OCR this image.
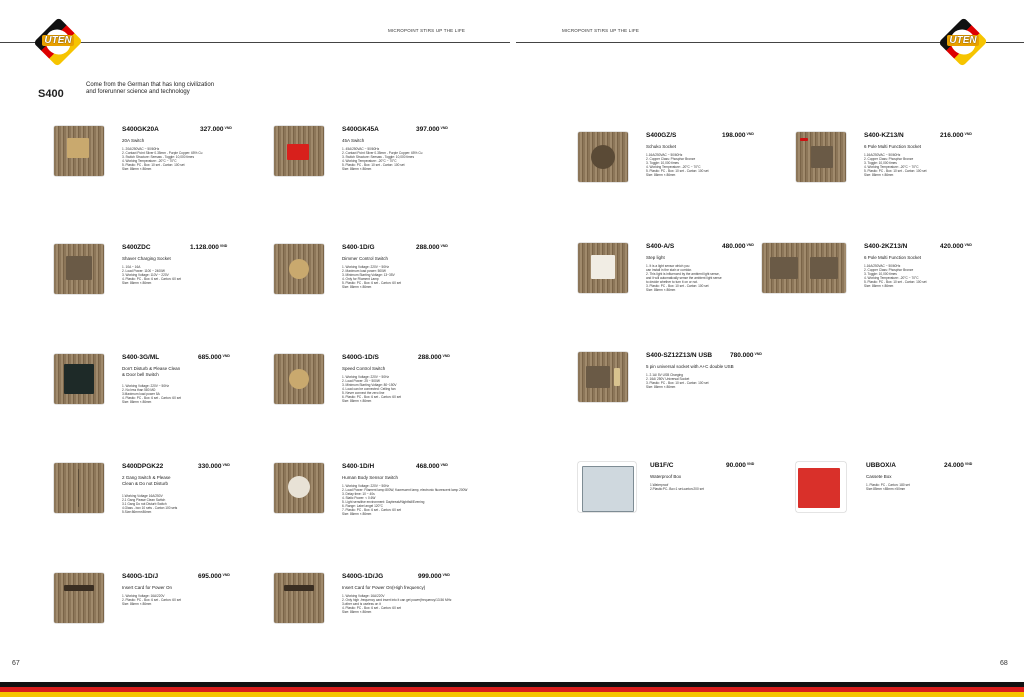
MICROPOINT STIRS UP THE LIFE	MICROPOINT STIRS UP THE LIFE
UTEN	UTEN
S400
Come from the German that has long civilization
and forerunner science and technology
S400GK20A	$327.000^{VND}$
20A Switch
1. 20A/250VAC ~ 50/60Hz
2. Contact Point Silver 0.35mm - Purple Copper: 65% Cu
3. Switch Structure: Seesaw - Toggle: 10,000 times
4. Working Temperature: -20°C ~ 70°C
5. Plastic: PC - Box: 10 set - Carton: 100 set
Size: 86mm × 86mm
S400GK45A	$397.000^{VND}$
45A Switch
1. 45A/250VAC ~ 50/60Hz
2. Contact Point Silver 0.35mm - Purple Copper: 65% Cu
3. Switch Structure: Seesaw - Toggle: 10,000 times
4. Working Temperature: -20°C ~ 70°C
5. Plastic: PC - Box: 10 set - Carton: 100 set
Size: 86mm × 86mm
S400ZDC	$1.128.000^{VND}$
Shaver Charging Socket
1. 10A ~ 16A
2. Load Power: 1100 ~ 2400W
3. Working Voltage: 110V ~ 220V
4. Plastic: PC - Box: 6 set - Carton: 60 set
Size: 86mm × 86mm
S400-1D/G	$288.000^{VND}$
Dimmer Control Switch
1. Working Voltage: 220V ~ 50Hz
2. Maximum load power: 500W
3. Minimum Starting Voltage: 13~35V
4. Only for Filament Lamp
5. Plastic: PC - Box: 6 set - Carton: 60 set
Size: 86mm × 86mm
S400-3G/ML	$685.000^{VND}$
Don't Disturb & Please Clean
& Door bell Switch
1. Working Voltage: 220V ~ 50Hz
2. No less than 580 MΩ
3.Maximum load power 5A
4. Plastic: PC - Box: 6 set - Carton: 60 set
Size: 86mm × 86mm
S400G-1D/S	$288.000^{VND}$
Speed Control Switch
1. Working Voltage: 220V ~ 50Hz
2. Load Power: 25 ~ 500W
3. Minimum Starting Voltage: 80~150V
4. Load can be connected: Ceiling fan
5. Never connect the zero line
6. Plastic: PC - Box: 6 set - Carton: 60 set
Size: 86mm × 86mm
S400DPGK22	$330.000^{VND}$
2 Gang Switch & Please
Clean & Do not Disturb
1.Working Voltage 16A/250V
2.1 Gang Please Clean Switch
3.1 Gang Do not Disturb Switch
4.Glass - box 10 sets - Carton 100 sets
5.Size:86mm×86mm
S400-1D/H	$468.000^{VND}$
Human Body Sensor Switch
1. Working Voltage: 220V ~ 50Hz
2. Load Power: Filament lamp 800W, fluorescent lamp, electronic fluorescent lamp 200W
3. Delay time: 10 ~ 40s
4. Static Power: < 0.6W
5. Light sensitive environment: Daybreak/Nightfall/Evening
6. Range: Label angel 120°C
7. Plastic: PC - Box: 6 set - Carton: 60 set
Size: 86mm × 86mm
S400G-1D/J	$695.000^{VND}$
Insert Card for Power On
1. Working Voltage: 16A/220V
2. Plastic: PC - Box: 6 set - Carton: 60 set
Size: 86mm × 86mm
S400G-1D/JG	$999.000^{VND}$
Insert Card for Power On(High frequency)
1. Working Voltage: 16A/220V
2. Only high -frequency card insert into it can get power(frequency/13.56 MHz
3.other card is useless on it
4. Plastic: PC - Box: 6 set - Carton: 60 set
Size: 86mm × 86mm
S400GZ/S	$198.000^{VND}$
Schuko Socket
1.16A/250VAC ~ 50/60Hz
2. Copper Class: Phosphor Bronze
3. Toggle: 10,000 times
4. Working Temperature: -20°C ~ 70°C
5. Plastic: PC - Box: 10 set - Carton: 100 set
Size: 86mm × 86mm
S400-KZ13/N	$216.000^{VND}$
6 Pole Multi Function Socket
1.16A/250VAC ~ 50/60Hz
2. Copper Class: Phosphor Bronze
3. Toggle: 10,000 times
4. Working Temperature: -20°C ~ 70°C
5. Plastic: PC - Box: 10 set - Carton: 100 set
Size: 86mm × 86mm
S400-A/S	$480.000^{VND}$
Step light
1. It is a light sensor which you
can install in the stair or corridor.
2. This light is influenced by the ambient light sense,
and it will automatically sense the ambient light sense
to decide whether to turn it on or not.
3. Plastic: PC - Box: 10 set - Carton: 100 set
Size: 86mm × 86mm
S400-2KZ13/N	$420.000^{VND}$
6 Pole Multi Function Socket
1.16A/250VAC ~ 50/60Hz
2. Copper Class: Phosphor Bronze
3. Toggle: 10,000 times
4. Working Temperature: -20°C ~ 70°C
5. Plastic: PC - Box: 10 set - Carton: 100 set
Size: 86mm × 86mm
S400-SZ12Z13/N USB	$780.000^{VND}$
5 pin universal socket with A+C double USB
1. 2.1A/ 5V USB Charging
2. 16A/ 250V Universal Socket
3. Plastic: PC - Box: 10 set - Carton: 100 set
Size: 86mm × 86mm
UB1F/C	$90.000^{VND}$
Waterproof Box
1.Waterproof
2.Plastic:PC- Box:1 set-carton:200 set
UBBOX/A	$24.000^{VND}$
Cassete Box
1. Plastic: PC - Carton: 180 set
Size:85mm ×85mm ×50mm
67	68
